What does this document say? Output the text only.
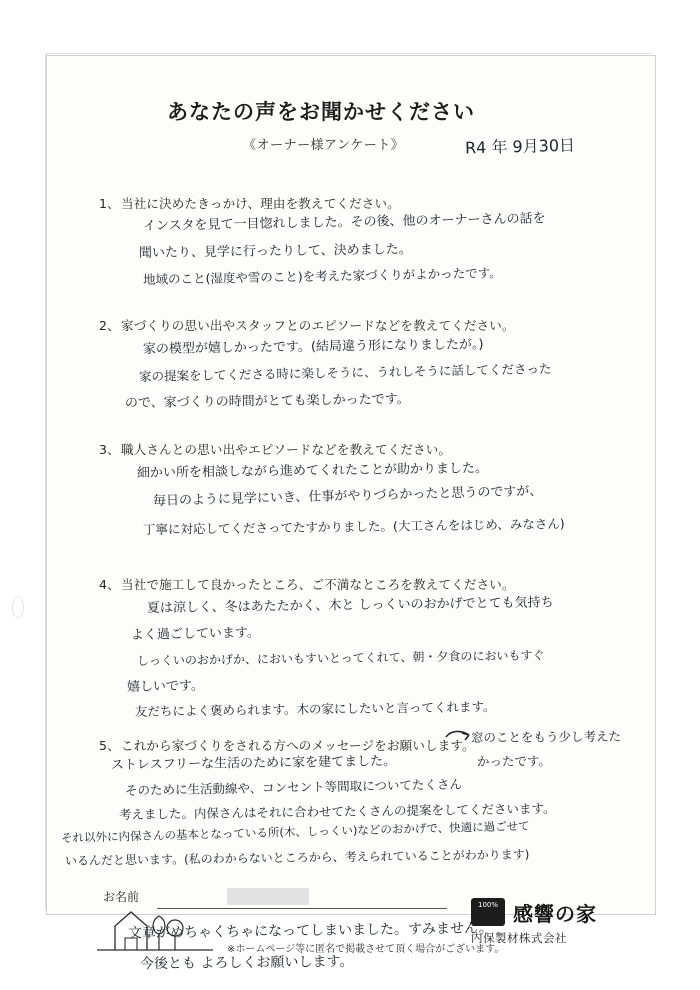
あなたの声をお聞かせください
《オーナー様アンケート》	R4 年 9月30日
1、 当社に決めたきっかけ、理由を教えてください。
インスタを見て一目惚れしました。その後、他のオーナーさんの話を
聞いたり、見学に行ったりして、決めました。
地域のこと(湿度や雪のこと)を考えた家づくりがよかったです。
2、 家づくりの思い出やスタッフとのエピソードなどを教えてください。
家の模型が嬉しかったです。(結局違う形になりましたが。)
家の提案をしてくださる時に楽しそうに、うれしそうに話してくださった
ので、家づくりの時間がとても楽しかったです。
3、 職人さんとの思い出やエピソードなどを教えてください。
細かい所を相談しながら進めてくれたことが助かりました。
毎日のように見学にいき、仕事がやりづらかったと思うのですが、
丁寧に対応してくださってたすかりました。(大工さんをはじめ、みなさん)
4、 当社で施工して良かったところ、ご不満なところを教えてください。
夏は涼しく、冬はあたたかく、木と しっくいのおかげでとても気持ち
よく過ごしています。
しっくいのおかげか、においもすいとってくれて、朝・夕食のにおいもすぐ
嬉しいです。
友だちによく褒められます。木の家にしたいと言ってくれます。
5、 これから家づくりをされる方へのメッセージをお願いします。
窓のことをもう少し考えた
かったです。
ストレスフリーな生活のために家を建てました。
そのために生活動線や、コンセント等間取についてたくさん
考えました。内保さんはそれに合わせてたくさんの提案をしてくださいます。
それ以外に内保さんの基本となっている所(木、しっくい)などのおかげで、快適に過ごせて
いるんだと思います。(私のわからないところから、考えられていることがわかります)
お名前
※ホームページ等に匿名で掲載させて頂く場合がございます。
100% 感響の家
内保製材株式会社
文章がめちゃくちゃになってしまいました。すみません。
今後とも よろしくお願いします。
